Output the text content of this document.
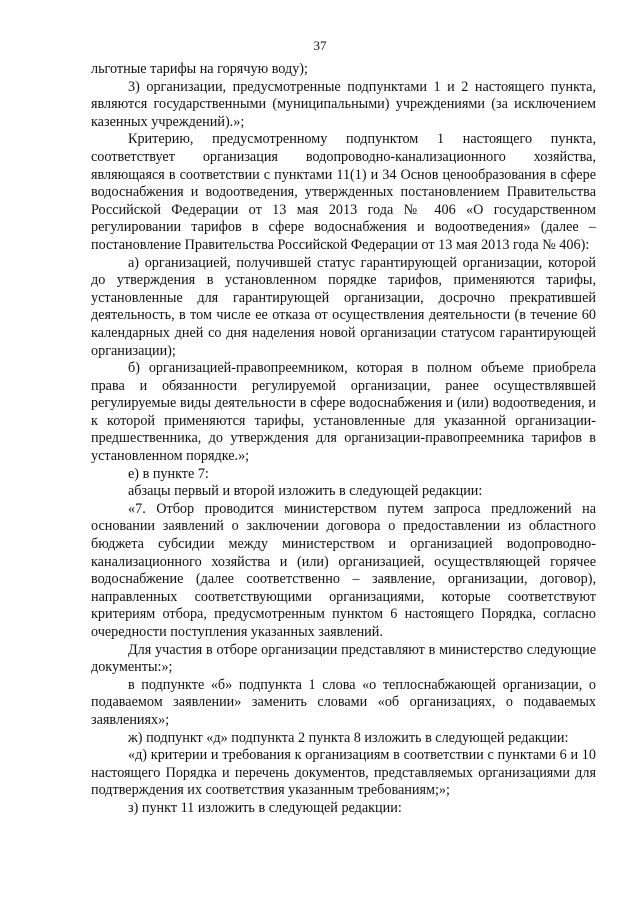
37

льготные тарифы на горячую воду);

3) организации, предусмотренные подпунктами 1 и 2 настоящего пункта, являются государственными (муниципальными) учреждениями (за исключением казенных учреждений).»;

Критерию, предусмотренному подпунктом 1 настоящего пункта, соответствует организация водопроводно-канализационного хозяйства, являющаяся в соответствии с пунктами 11(1) и 34 Основ ценообразования в сфере водоснабжения и водоотведения, утвержденных постановлением Правительства Российской Федерации от 13 мая 2013 года № 406 «О государственном регулировании тарифов в сфере водоснабжения и водоотведения» (далее – постановление Правительства Российской Федерации от 13 мая 2013 года № 406):

а) организацией, получившей статус гарантирующей организации, которой до утверждения в установленном порядке тарифов, применяются тарифы, установленные для гарантирующей организации, досрочно прекратившей деятельность, в том числе ее отказа от осуществления деятельности (в течение 60 календарных дней со дня наделения новой организации статусом гарантирующей организации);

б) организацией-правопреемником, которая в полном объеме приобрела права и обязанности регулируемой организации, ранее осуществлявшей регулируемые виды деятельности в сфере водоснабжения и (или) водоотведения, и к которой применяются тарифы, установленные для указанной организации-предшественника, до утверждения для организации-правопреемника тарифов в установленном порядке.»;

е) в пункте 7:

абзацы первый и второй изложить в следующей редакции:

«7. Отбор проводится министерством путем запроса предложений на основании заявлений о заключении договора о предоставлении из областного бюджета субсидии между министерством и организацией водопроводно-канализационного хозяйства и (или) организацией, осуществляющей горячее водоснабжение (далее соответственно – заявление, организации, договор), направленных соответствующими организациями, которые соответствуют критериям отбора, предусмотренным пунктом 6 настоящего Порядка, согласно очередности поступления указанных заявлений.

Для участия в отборе организации представляют в министерство следующие документы:»;

в подпункте «б» подпункта 1 слова «о теплоснабжающей организации, о подаваемом заявлении» заменить словами «об организациях, о подаваемых заявлениях»;

ж) подпункт «д» подпункта 2 пункта 8 изложить в следующей редакции:

«д) критерии и требования к организациям в соответствии с пунктами 6 и 10 настоящего Порядка и перечень документов, представляемых организациями для подтверждения их соответствия указанным требованиям;»;

з) пункт 11 изложить в следующей редакции:
